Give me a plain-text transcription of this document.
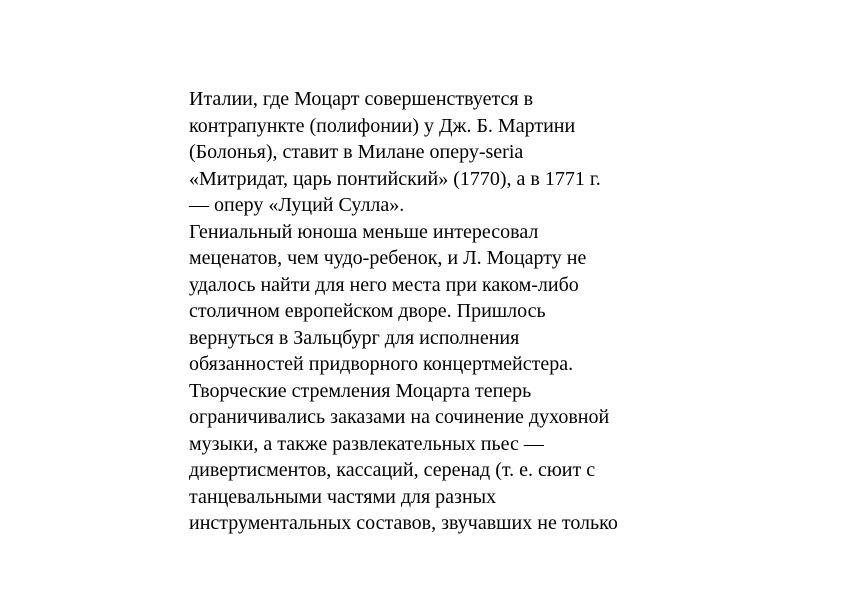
Италии, где Моцарт совершенствуется в

контрапункте (полифонии) у Дж. Б. Мартини

(Болонья), ставит в Милане оперу-seria

«Митридат, царь понтийский» (1770), а в 1771 г.

— оперу «Луций Сулла».

Гениальный юноша меньше интересовал

меценатов, чем чудо-ребенок, и Л. Моцарту не

удалось найти для него места при каком-либо

столичном европейском дворе. Пришлось

вернуться в Зальцбург для исполнения

обязанностей придворного концертмейстера.

Творческие стремления Моцарта теперь

ограничивались заказами на сочинение духовной

музыки, а также развлекательных пьес —

дивертисментов, кассаций, серенад (т. е. сюит с

танцевальными частями для разных

инструментальных составов, звучавших не только
